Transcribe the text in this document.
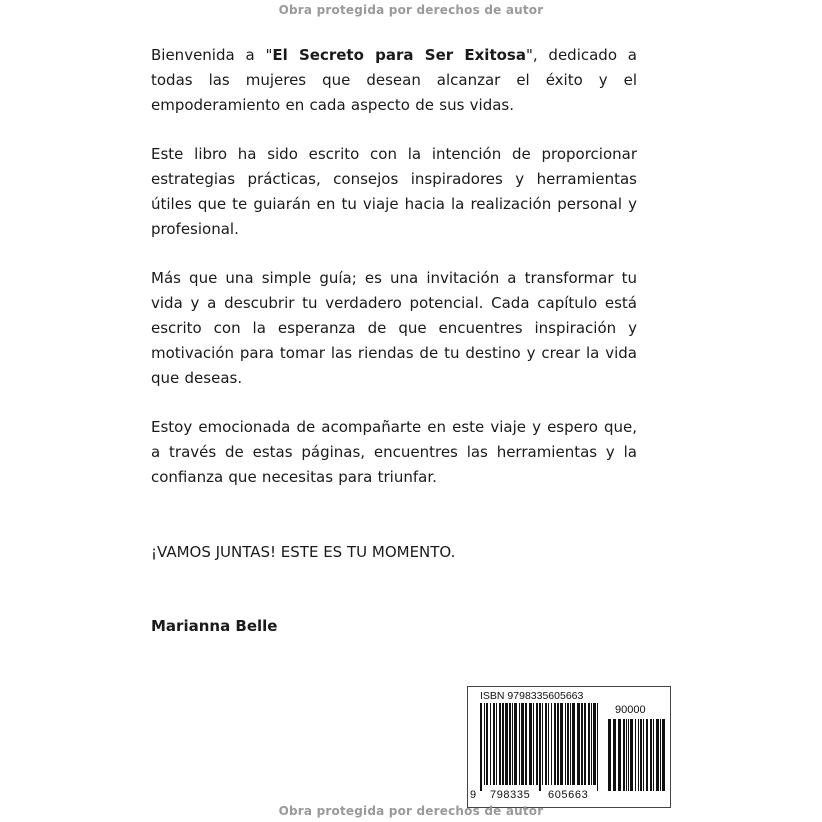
Obra protegida por derechos de autor

Bienvenida a "El Secreto para Ser Exitosa", dedicado a todas las mujeres que desean alcanzar el éxito y el empoderamiento en cada aspecto de sus vidas.

Este libro ha sido escrito con la intención de proporcionar estrategias prácticas, consejos inspiradores y herramientas útiles que te guiarán en tu viaje hacia la realización personal y profesional.

Más que una simple guía; es una invitación a transformar tu vida y a descubrir tu verdadero potencial. Cada capítulo está escrito con la esperanza de que encuentres inspiración y motivación para tomar las riendas de tu destino y crear la vida que deseas.

Estoy emocionada de acompañarte en este viaje y espero que, a través de estas páginas, encuentres las herramientas y la confianza que necesitas para triunfar.

¡VAMOS JUNTAS! ESTE ES TU MOMENTO.

Marianna Belle

ISBN 9798335605663
90000
9 798335 605663
Obra protegida por derechos de autor
